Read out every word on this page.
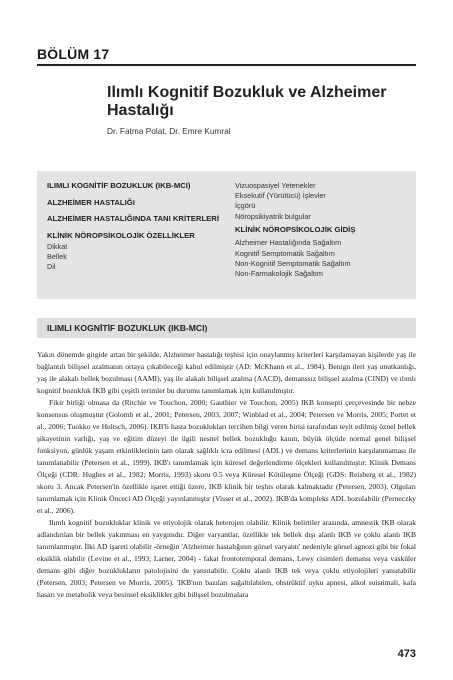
BÖLÜM 17
Ilımlı Kognitif Bozukluk ve Alzheimer Hastalığı
Dr. Fatma Polat, Dr. Emre Kumral
ILIMLI KOGNİTİF BOZUKLUK (IKB-MCI)
ALZHEİMER HASTALIĞI
ALZHEİMER HASTALIĞINDA TANI KRİTERLERİ
KLİNİK NÖROPSİKOLOJİK ÖZELLİKLER
Dikkat
Bellek
Dil
Vizuospasiyel Yetenekler
Eksekutif (Yürütücü) İşlevler
İçgörü
Nöropsikiyatrik bulgular
KLİNİK NÖROPSİKOLOJİK GİDİŞ
Alzheimer Hastalığında Sağaltım
Kognitif Semptomatik Sağaltım
Non-Kognitif Semptomatik Sağaltım
Non-Farmakolojik Sağaltım
ILIMLI KOGNİTİF BOZUKLUK (IKB-MCI)

Yakın dönemde gitgide artan bir şekilde, Alzheimer hastalığı teşhisi için onaylanmış kriterleri karşılamayan kişilerde yaş ile bağlantılı bilişsel azalmanın ortaya çıkabileceği kabul edilmiştir (AD: McKhann et al., 1984). Benign ileri yaş unutkanlığı, yaş ile alakalı bellek bozulması (AAMI), yaş ile alakalı bilişsel azalma (AACD), demanssız bilişsel azalma (CIND) ve ılımlı kognitif bozukluk IKB gibi çeşitli terimler bu durumu tanımlamak için kullanılmıştır.

Fikir birliği olmasa da (Ritchie ve Touchon, 2000; Gauthier ve Touchon, 2005) IKB konsepti çerçevesinde bir nebze konsensus oluşmuştur (Golomb et al., 2001; Petersen, 2003, 2007; Winblad et al., 2004; Petersen ve Morris, 2005; Portet et al., 2006; Tuokko ve Hultsch, 2006). IKB'li hasta bozuklukları tercihen bilgi veren birisi tarafından teyit edilmiş öznel bellek şikayetinin varlığı, yaş ve eğitim düzeyi ile ilgili nesnel bellek bozukluğu kanıtı, büyük ölçüde normal genel bilişsel fonksiyon, günlük yaşam etkinliklerinin tam olarak sağlıklı icra edilmesi (ADL) ve demans kriterlerinin karşılanmaması ile tanımlanabilir (Petersen et al., 1999). IKB'ı tanımlamak için küresel değerlendirme ölçekleri kullanılmıştır: Klinik Demans Ölçeği (CDR: Hughes et al., 1982; Morris, 1993) skoru 0.5 veya Küresel Kötüleşme Ölçeği (GDS: Reisberg et al., 1982) skoru 3. Ancak Petersen'in özellikle işaret ettiği üzere, IKB klinik bir teşhis olarak kalmaktadır (Petersen, 2003). Olguları tanımlamak için Klinik Önceci AD Ölçeği yayınlanmıştır (Visser et al., 2002). IKB'da kompleks ADL bozulabilir (Perneczky et al., 2006).

Ilımlı kognitif bozukluklar klinik ve etiyolojik olarak heterojen olabilir. Klinik belirtiler arasında, amnestik IKB olarak adlandırılan bir bellek yakınması en yaygınıdır. Diğer varyantlar, özellikle tek bellek dışı alanlı IKB ve çoklu alanlı IKB tanımlanmıştır. İlki AD işareti olabilir -örneğin 'Alzheimer hastalığının görsel varyantı' nedeniyle görsel agnozi gibi bir fokal eksiklik olabilir (Levine et al., 1993; Larner, 2004) - fakat frontotemporal demans, Lewy cisimleri demansı veya vasküler demans gibi diğer bozuklukların patolojisini de yansıtabilir. Çoklu alanlı IKB tek veya çoklu etiyolojileri yansıtabilir (Petersen, 2003; Petersen ve Morris, 2005). 'IKB'nın bazıları sağaltılabilen, obstrüktif uyku apnesi, alkol suistimali, kafa hasarı ve metabolik veya besinsel eksiklikler gibi bilişsel bozulmalara

473
